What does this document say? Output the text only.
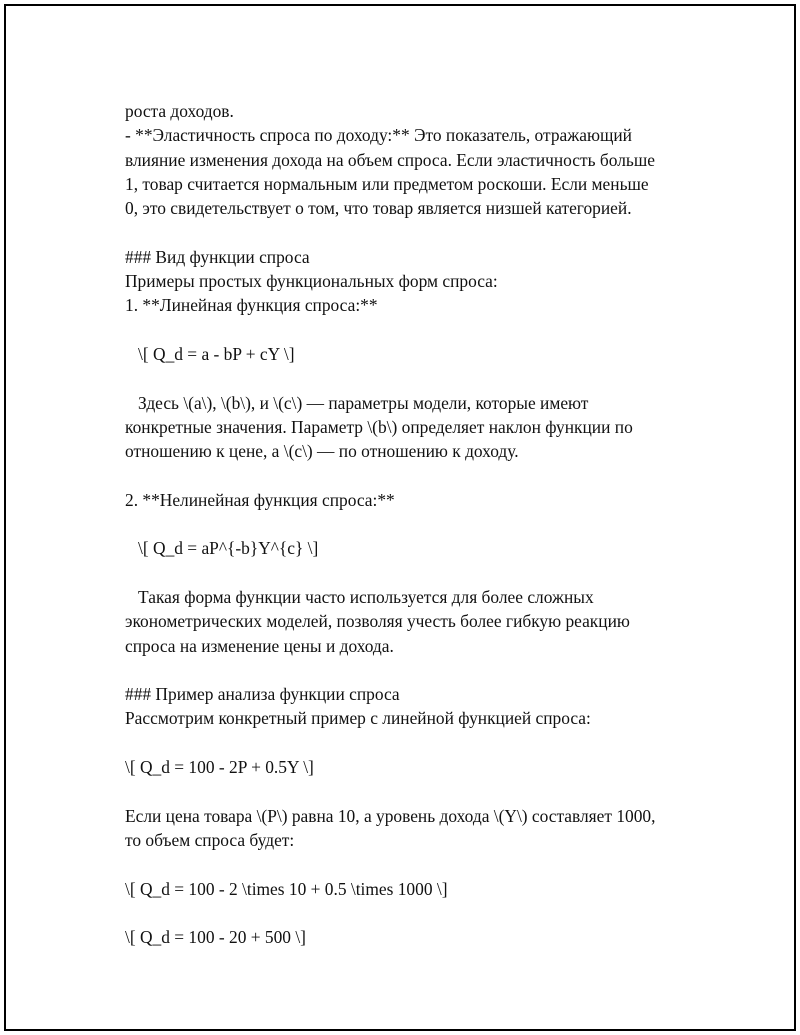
роста доходов.
- **Эластичность спроса по доходу:** Это показатель, отражающий
влияние изменения дохода на объем спроса. Если эластичность больше
1, товар считается нормальным или предметом роскоши. Если меньше
0, это свидетельствует о том, что товар является низшей категорией.
### Вид функции спроса
Примеры простых функциональных форм спроса:
1. **Линейная функция спроса:**
\[ Q_d = a - bP + cY \]
Здесь \(a\), \(b\), и \(c\) — параметры модели, которые имеют
конкретные значения. Параметр \(b\) определяет наклон функции по
отношению к цене, а \(c\) — по отношению к доходу.
2. **Нелинейная функция спроса:**
\[ Q_d = aP^{-b}Y^{c} \]
Такая форма функции часто используется для более сложных
эконометрических моделей, позволяя учесть более гибкую реакцию
спроса на изменение цены и дохода.
### Пример анализа функции спроса
Рассмотрим конкретный пример с линейной функцией спроса:
\[ Q_d = 100 - 2P + 0.5Y \]
Если цена товара \(P\) равна 10, а уровень дохода \(Y\) составляет 1000,
то объем спроса будет:
\[ Q_d = 100 - 2 \times 10 + 0.5 \times 1000 \]
\[ Q_d = 100 - 20 + 500 \]
